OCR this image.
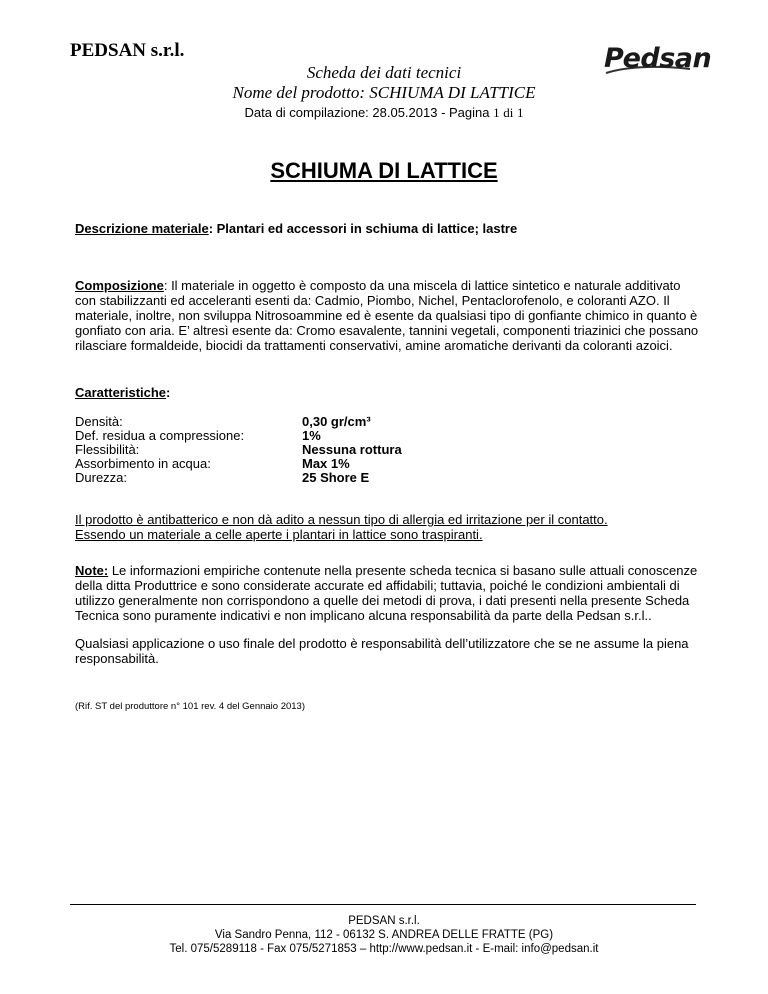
PEDSAN s.r.l.	Pedsan
Scheda dei dati tecnici
Nome del prodotto: SCHIUMA DI LATTICE
Data di compilazione: 28.05.2013 - Pagina 1 di 1
SCHIUMA DI LATTICE
Descrizione materiale: Plantari ed accessori in schiuma di lattice; lastre
Composizione: Il materiale in oggetto è composto da una miscela di lattice sintetico e naturale additivato con stabilizzanti ed acceleranti esenti da: Cadmio, Piombo, Nichel, Pentaclorofenolo, e coloranti AZO. Il materiale, inoltre, non sviluppa Nitrosoammine ed è esente da qualsiasi tipo di gonfiante chimico in quanto è gonfiato con aria. E’ altresì esente da: Cromo esavalente, tannini vegetali, componenti triazinici che possano rilasciare formaldeide, biocidi da trattamenti conservativi, amine aromatiche derivanti da coloranti azoici.
Caratteristiche:
Densità:	0,30 gr/cm³
Def. residua a compressione:	1%
Flessibilità:	Nessuna rottura
Assorbimento in acqua:	Max 1%
Durezza:	25 Shore E
Il prodotto è antibatterico e non dà adito a nessun tipo di allergia ed irritazione per il contatto.
Essendo un materiale a celle aperte i plantari in lattice sono traspiranti.
Note: Le informazioni empiriche contenute nella presente scheda tecnica si basano sulle attuali conoscenze della ditta Produttrice e sono considerate accurate ed affidabili; tuttavia, poiché le condizioni ambientali di utilizzo generalmente non corrispondono a quelle dei metodi di prova, i dati presenti nella presente Scheda Tecnica sono puramente indicativi e non implicano alcuna responsabilità da parte della Pedsan s.r.l..
Qualsiasi applicazione o uso finale del prodotto è responsabilità dell’utilizzatore che se ne assume la piena responsabilità.
(Rif. ST del produttore n° 101 rev. 4 del Gennaio 2013)
PEDSAN s.r.l.
Via Sandro Penna, 112 - 06132 S. ANDREA DELLE FRATTE (PG)
Tel. 075/5289118 - Fax 075/5271853 – http://www.pedsan.it - E-mail: info@pedsan.it
